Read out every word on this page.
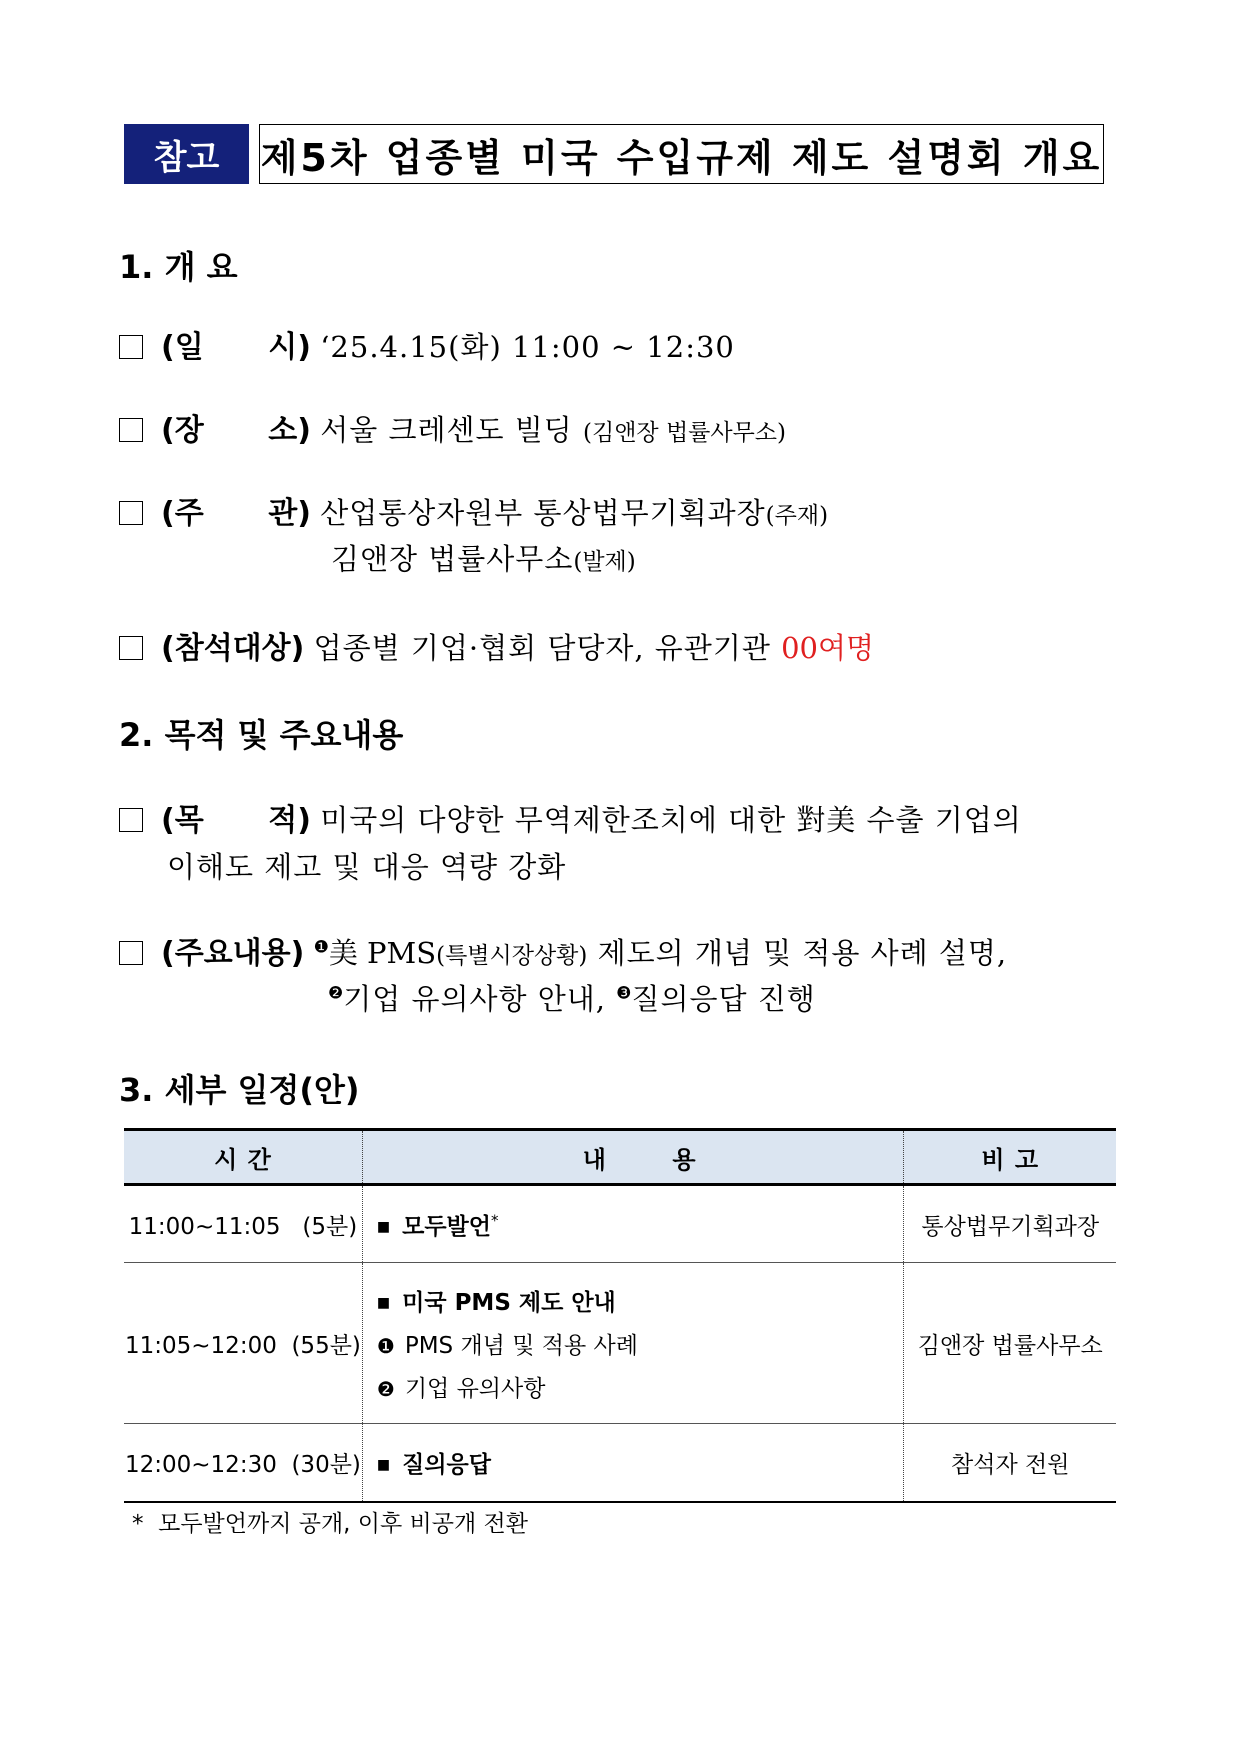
참고	제5차 업종별 미국 수입규제 제도 설명회 개요
1. 개 요
(일 시) ‘25.4.15(화) 11:00 ~ 12:30
(장 소) 서울 크레센도 빌딩 (김앤장 법률사무소)
(주 관) 산업통상자원부 통상법무기획과장(주재)
김앤장 법률사무소(발제)
(참석대상) 업종별 기업·협회 담당자, 유관기관 00여명
2. 목적 및 주요내용
(목 적) 미국의 다양한 무역제한조치에 대한 對美 수출 기업의
이해도 제고 및 대응 역량 강화
(주요내용) $^❶$美 PMS(특별시장상황) 제도의 개념 및 적용 사례 설명,
$^❷$기업 유의사항 안내, $^❸$질의응답 진행
3. 세부 일정(안)
시 간	내       용	비 고
11:00~11:05   (5분)	■ 모두발언*	통상법무기획과장
11:05~12:00  (55분)	■ 미국 PMS 제도 안내
❶ PMS 개념 및 적용 사례
❷ 기업 유의사항	김앤장 법률사무소
12:00~12:30  (30분)	■ 질의응답	참석자 전원
*  모두발언까지 공개, 이후 비공개 전환
